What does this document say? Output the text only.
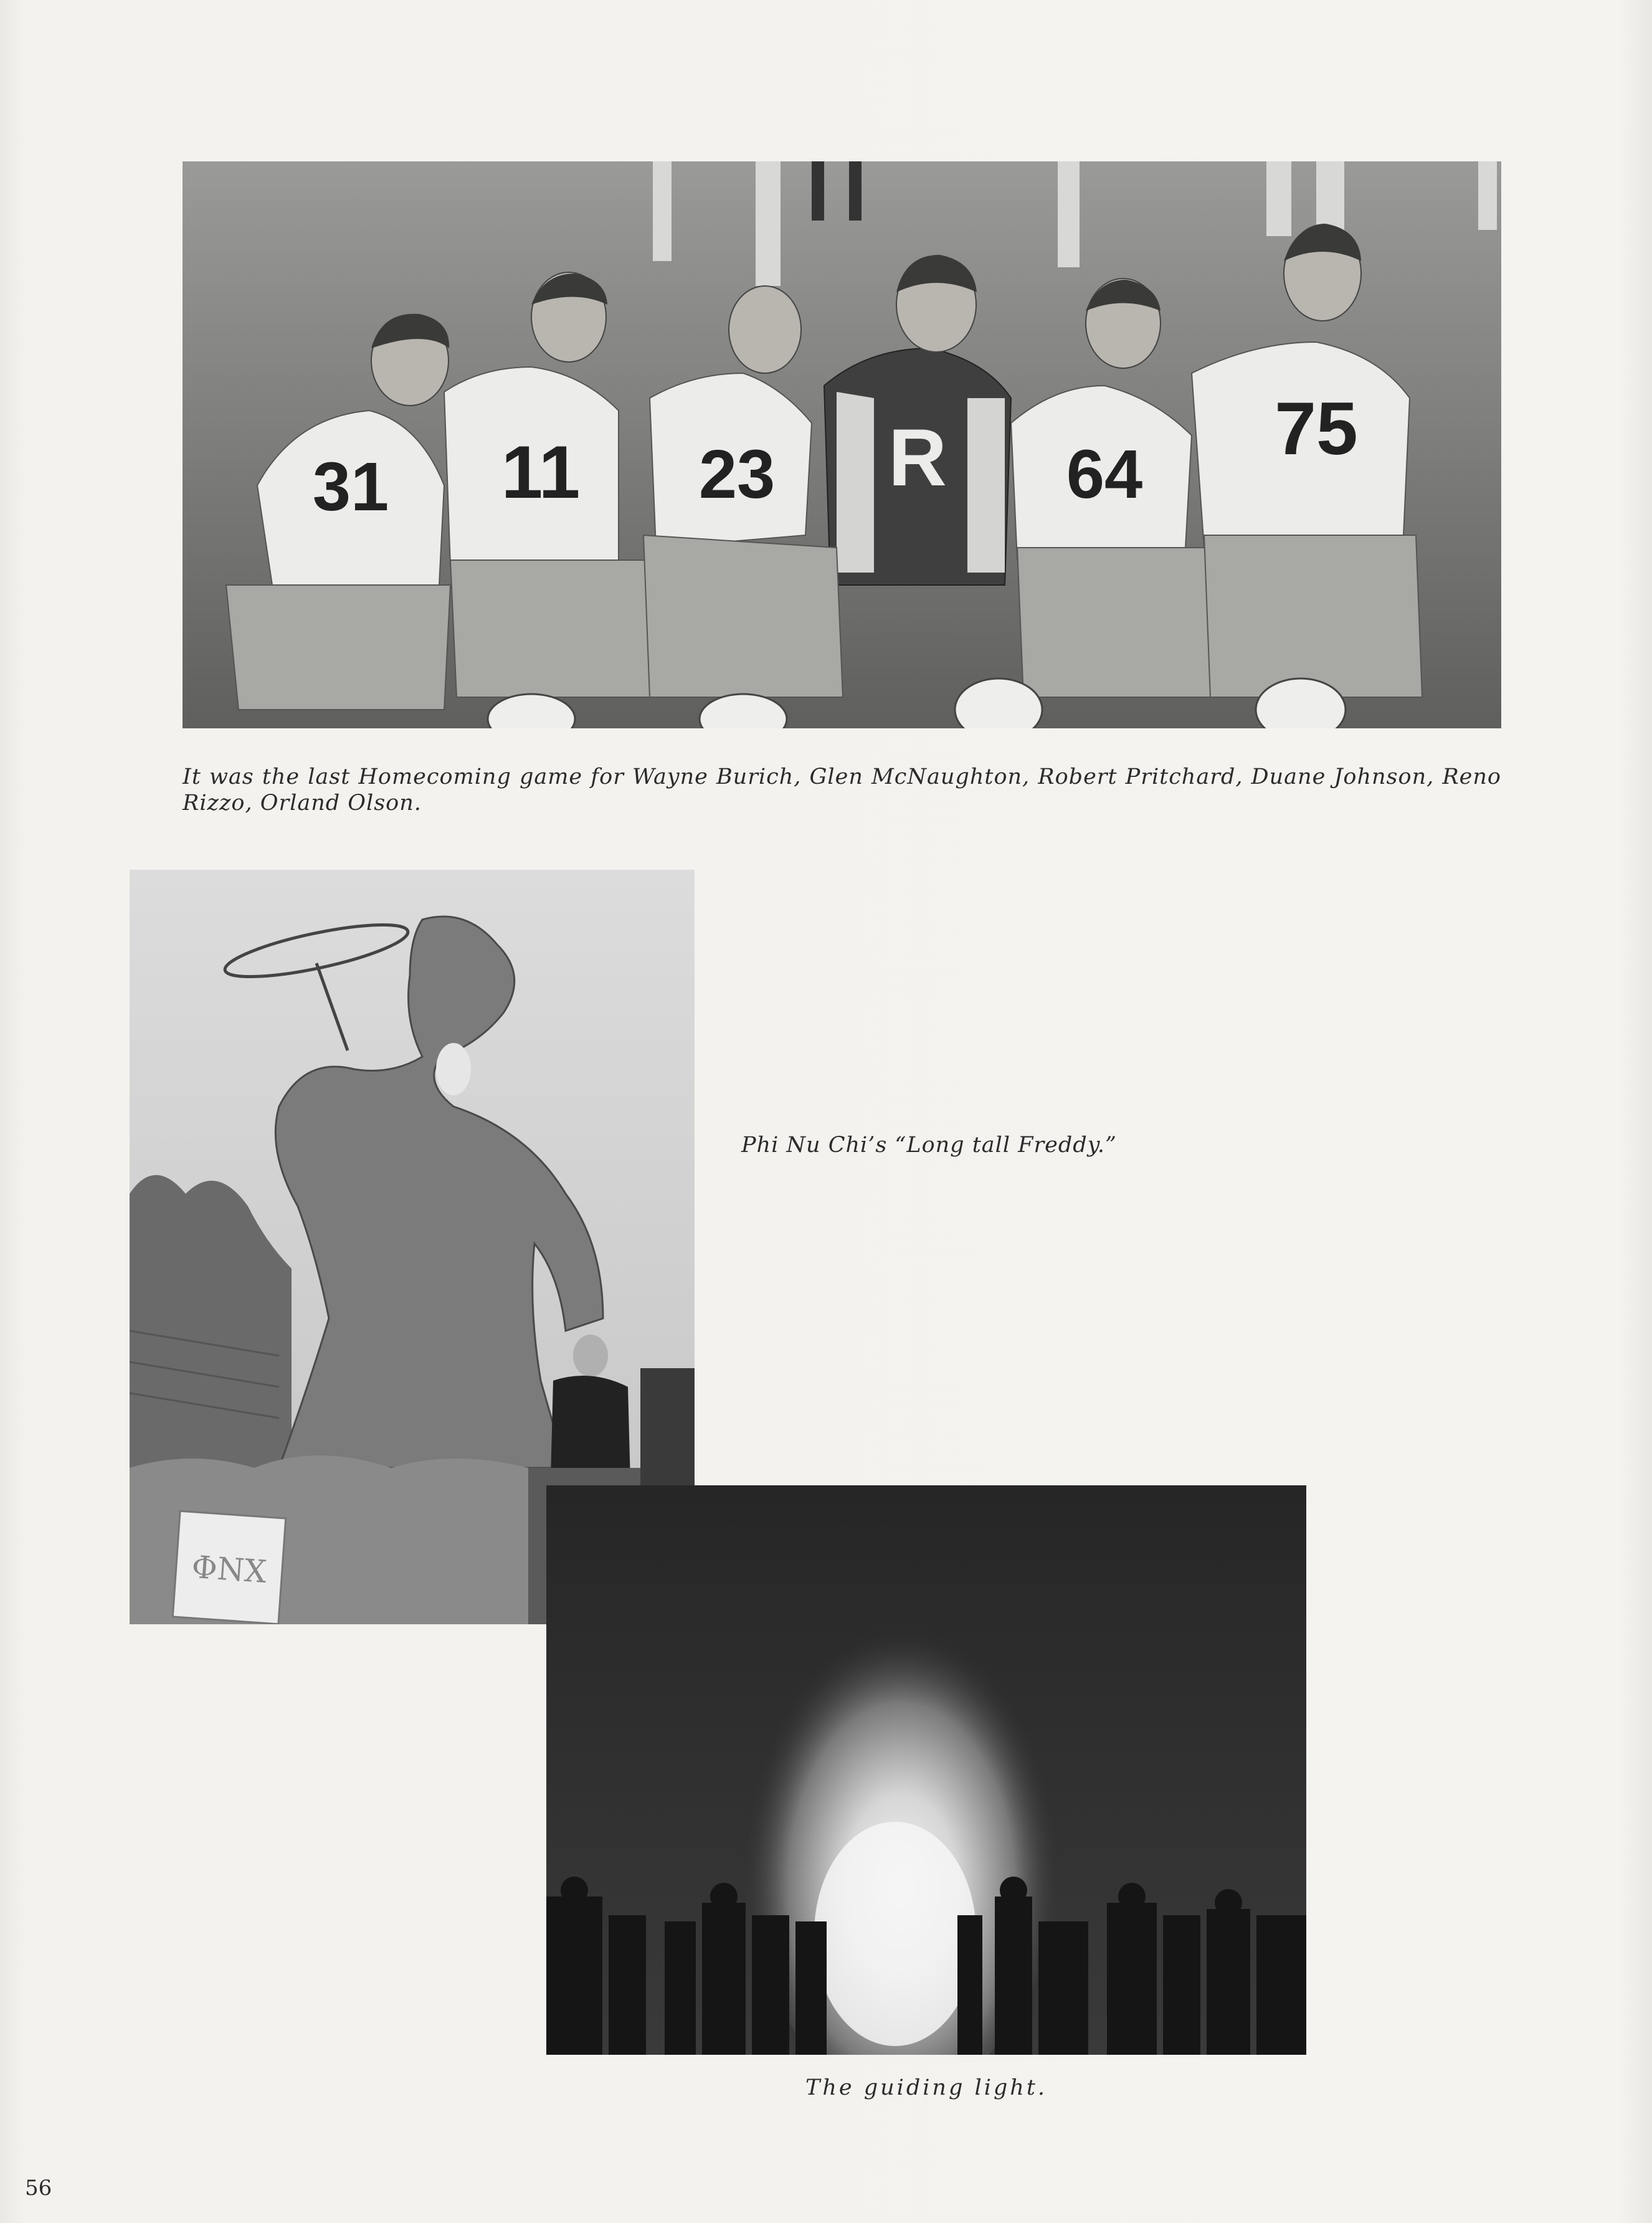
31 11 23 R 64
75
It was the last Homecoming game for Wayne Burich, Glen McNaughton, Robert Pritchard, Duane Johnson, Reno Rizzo, Orland Olson.
ΦNX
Phi Nu Chi’s “Long tall Freddy.”
The guiding light.
56
